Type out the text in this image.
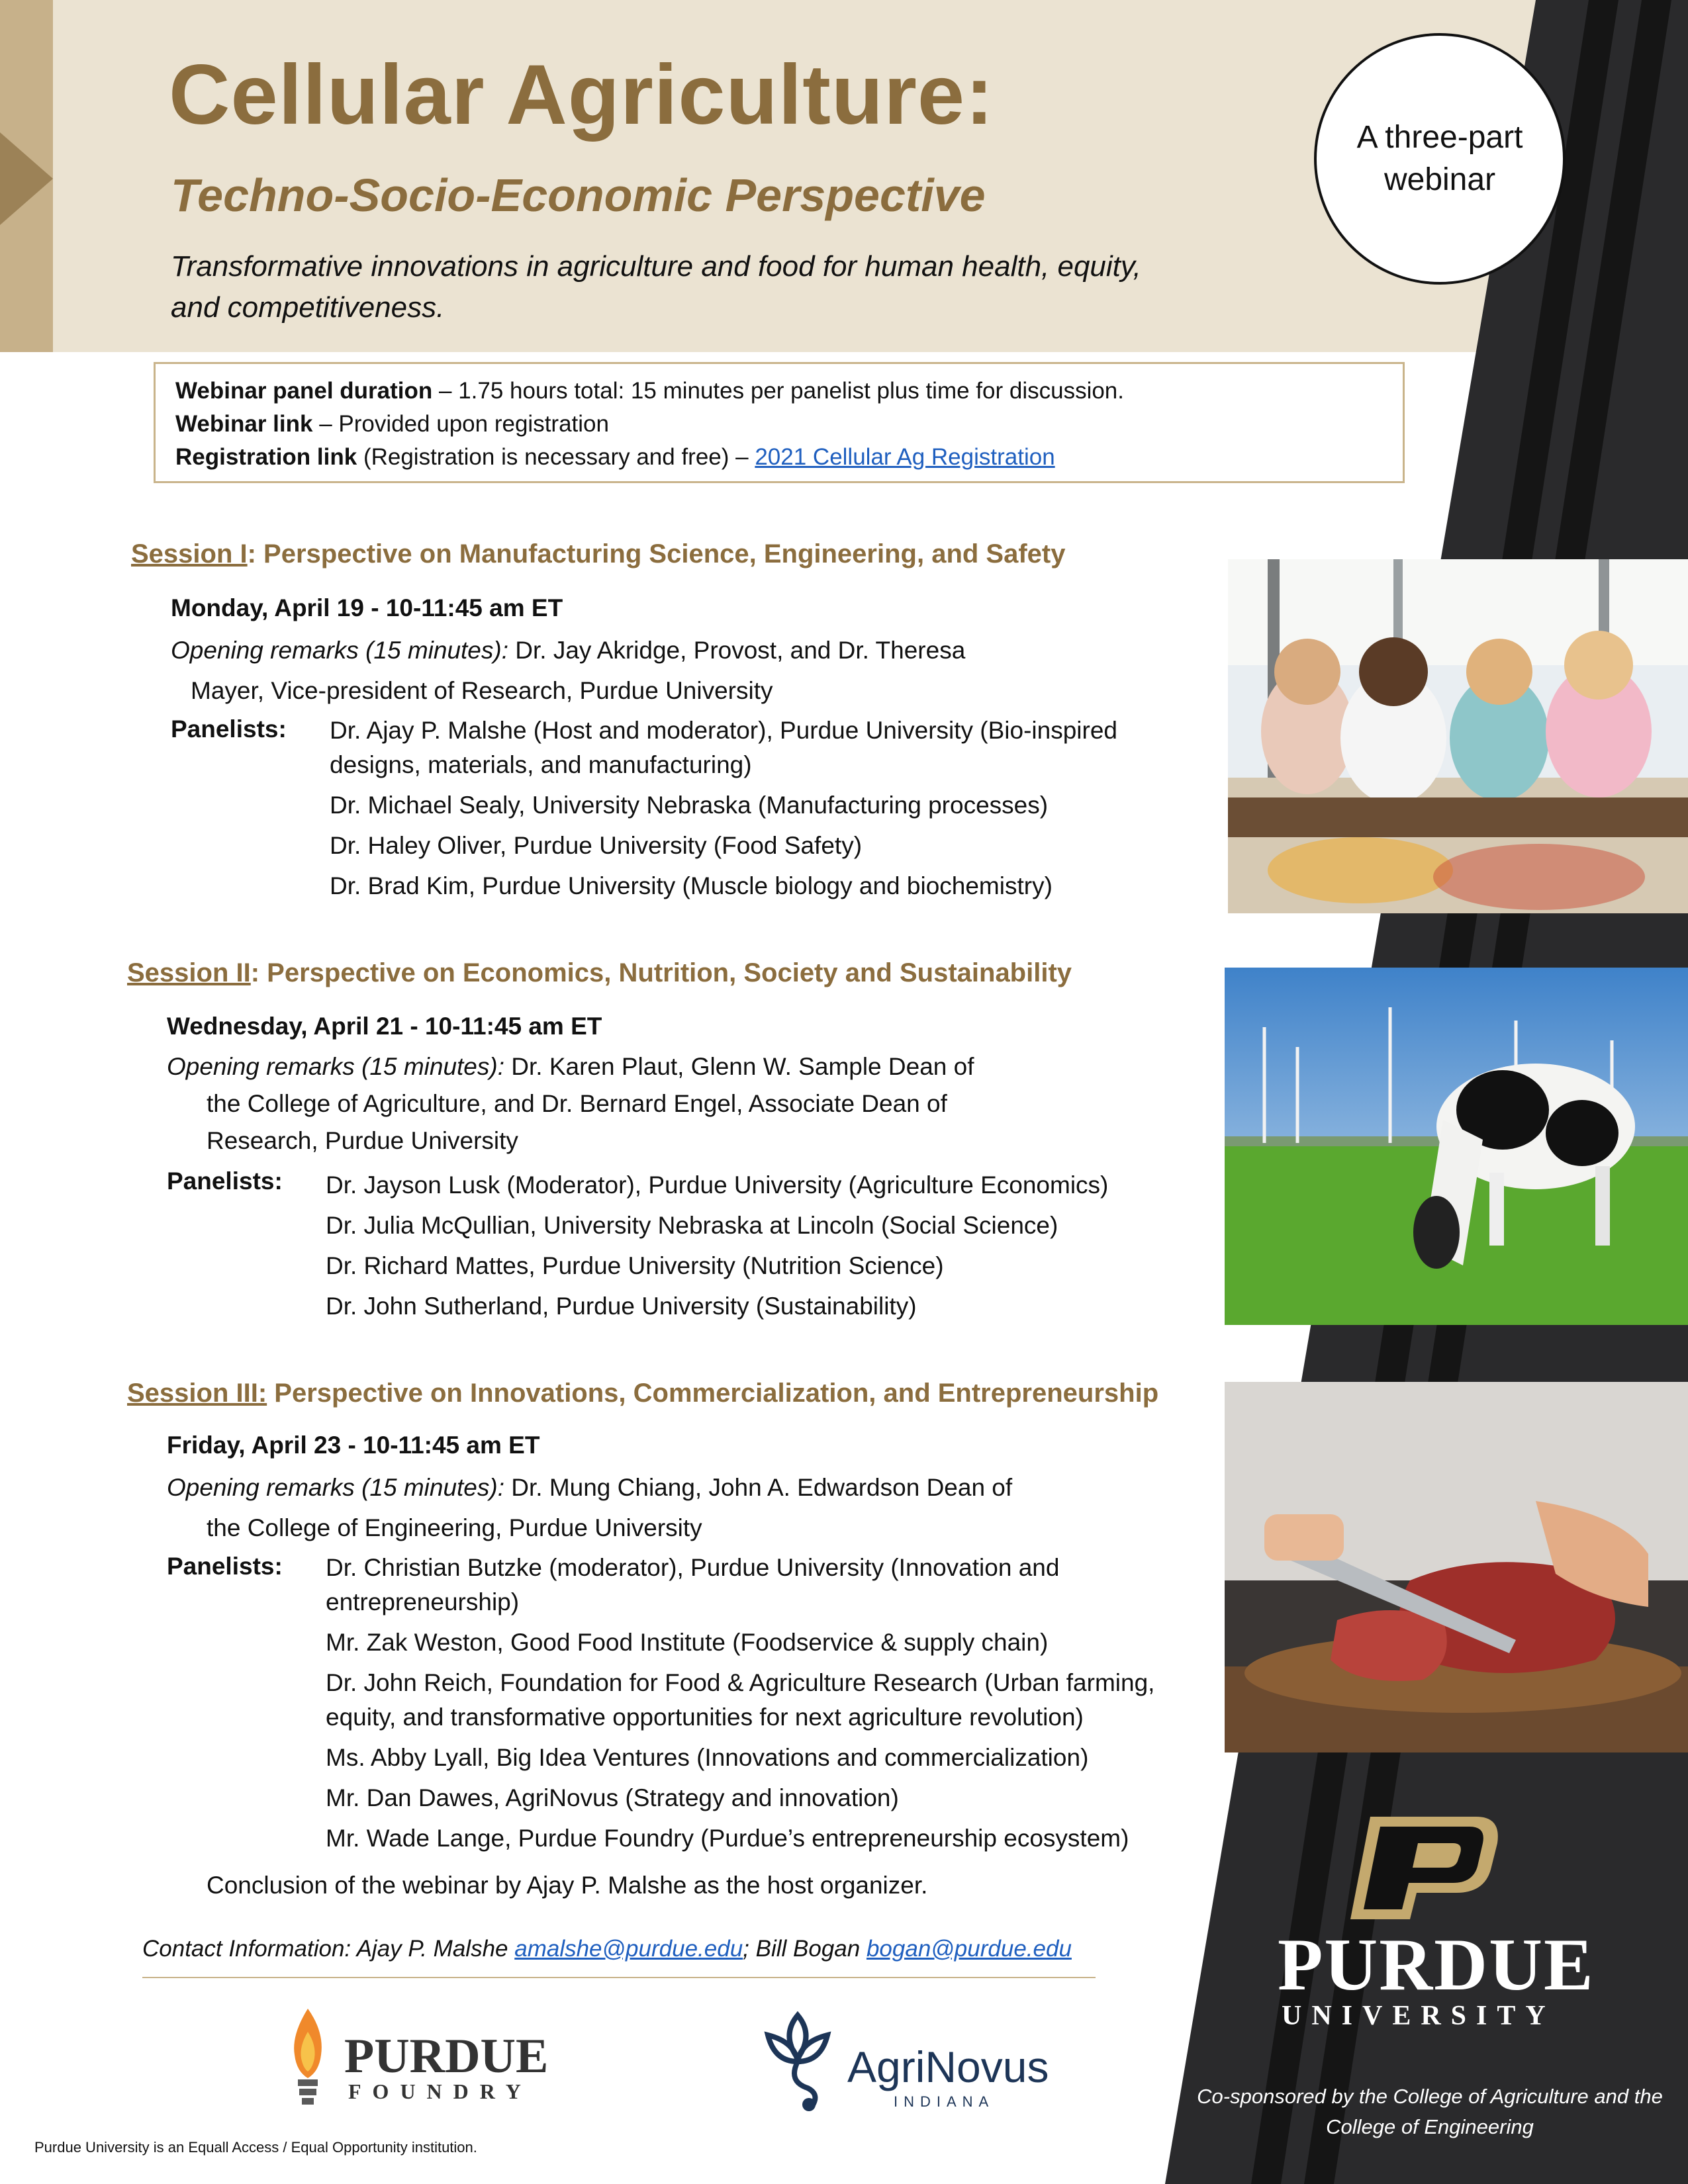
Cellular Agriculture:
Techno-Socio-Economic Perspective
Transformative innovations in agriculture and food for human health, equity, and competitiveness.
A three-part webinar
Webinar panel duration – 1.75 hours total: 15 minutes per panelist plus time for discussion.
Webinar link – Provided upon registration
Registration link (Registration is necessary and free) – 2021 Cellular Ag Registration
Session I: Perspective on Manufacturing Science, Engineering, and Safety
Monday, April 19 - 10-11:45 am ET
Opening remarks (15 minutes): Dr. Jay Akridge, Provost, and Dr. Theresa
Mayer, Vice-president of Research, Purdue University
Panelists: Dr. Ajay P. Malshe (Host and moderator), Purdue University (Bio-inspired
designs, materials, and manufacturing)
Dr. Michael Sealy, University Nebraska (Manufacturing processes)
Dr. Haley Oliver, Purdue University (Food Safety)
Dr. Brad Kim, Purdue University (Muscle biology and biochemistry)
Session II: Perspective on Economics, Nutrition, Society and Sustainability
Wednesday, April 21 - 10-11:45 am ET
Opening remarks (15 minutes): Dr. Karen Plaut, Glenn W. Sample Dean of
the College of Agriculture, and Dr. Bernard Engel, Associate Dean of
Research, Purdue University
Panelists: Dr. Jayson Lusk (Moderator), Purdue University (Agriculture Economics)
Dr. Julia McQullian, University Nebraska at Lincoln (Social Science)
Dr. Richard Mattes, Purdue University (Nutrition Science)
Dr. John Sutherland, Purdue University (Sustainability)
Session III: Perspective on Innovations, Commercialization, and Entrepreneurship
Friday, April 23 - 10-11:45 am ET
Opening remarks (15 minutes): Dr. Mung Chiang, John A. Edwardson Dean of
the College of Engineering, Purdue University
Panelists: Dr. Christian Butzke (moderator), Purdue University (Innovation and
entrepreneurship)
Mr. Zak Weston, Good Food Institute (Foodservice & supply chain)
Dr. John Reich, Foundation for Food & Agriculture Research (Urban farming,
equity, and transformative opportunities for next agriculture revolution)
Ms. Abby Lyall, Big Idea Ventures (Innovations and commercialization)
Mr. Dan Dawes, AgriNovus (Strategy and innovation)
Mr. Wade Lange, Purdue Foundry (Purdue’s entrepreneurship ecosystem)
Conclusion of the webinar by Ajay P. Malshe as the host organizer.
Contact Information: Ajay P. Malshe amalshe@purdue.edu; Bill Bogan bogan@purdue.edu
PURDUE
FOUNDRY	AgriNovus
INDIANA
PURDUE
UNIVERSITY
Co-sponsored by the College of Agriculture and the College of Engineering
Purdue University is an Equall Access / Equal Opportunity institution.
